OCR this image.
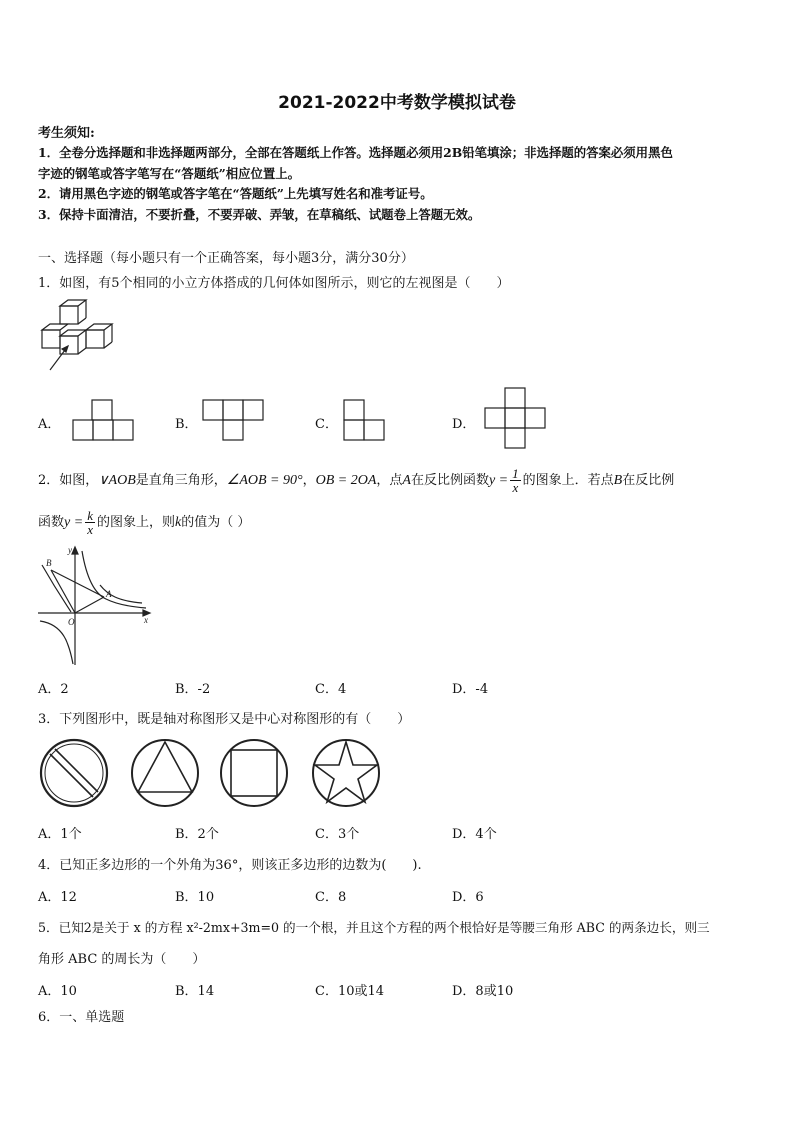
2021-2022中考数学模拟试卷
考生须知:
1．全卷分选择题和非选择题两部分，全部在答题纸上作答。选择题必须用2B铅笔填涂；非选择题的答案必须用黑色
字迹的钢笔或答字笔写在“答题纸”相应位置上。
2．请用黑色字迹的钢笔或答字笔在“答题纸”上先填写姓名和准考证号。
3．保持卡面清洁，不要折叠，不要弄破、弄皱，在草稿纸、试题卷上答题无效。
一、选择题（每小题只有一个正确答案，每小题3分，满分30分）
1．如图，有5个相同的小立方体搭成的几何体如图所示，则它的左视图是（　　）
A．	B．	C．	D．
2．如图，∨AOB是直角三角形，∠AOB = 90°，OB = 2OA，点A在反比例函数$y = \frac{1}{x}$ 的图象上．若点B在反比例
函数$y = \frac{k}{x}$ 的图象上，则k的值为（ ）
y
x
O
A
B
A．2	B．-2	C．4	D．-4
3．下列图形中，既是轴对称图形又是中心对称图形的有（　　）
A．1个	B．2个	C．3个	D．4个
4．已知正多边形的一个外角为36°，则该正多边形的边数为(　　).
A．12	B．10	C．8	D．6
5．已知2是关于 x 的方程 x²-2mx+3m=0 的一个根，并且这个方程的两个根恰好是等腰三角形 ABC 的两条边长，则三
角形 ABC 的周长为（　　）
A．10	B．14	C．10或14	D．8或10
6．一、单选题
